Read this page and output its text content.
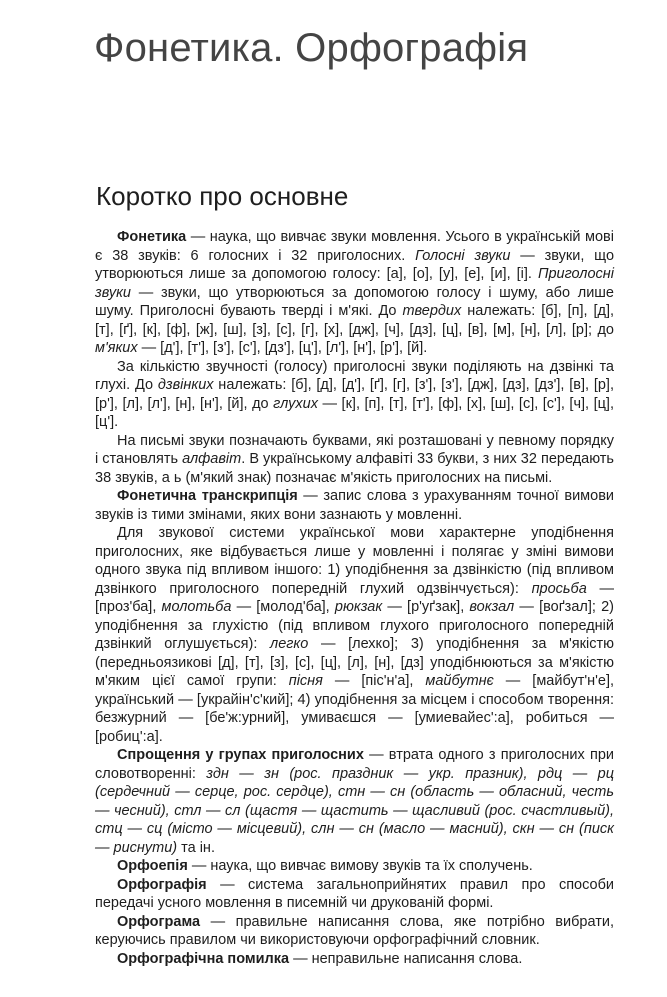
Фонетика. Орфографія
Коротко про основне

Фонетика — наука, що вивчає звуки мовлення. Усього в українській мові є 38 звуків: 6 голосних і 32 приголосних. Голосні звуки — звуки, що утворюються лише за допомогою голосу: [а], [о], [у], [е], [и], [і]. Приголосні звуки — звуки, що утворюються за допомогою голосу і шуму, або лише шуму. Приголосні бувають тверді і м'які. До твердих належать: [б], [п], [д], [т], [ґ], [к], [ф], [ж], [ш], [з], [с], [г], [х], [дж], [ч], [дз], [ц], [в], [м], [н], [л], [р]; до м'яких — [д'], [т'], [з'], [с'], [дз'], [ц'], [л'], [н'], [р'], [й].

За кількістю звучності (голосу) приголосні звуки поділяють на дзвінкі та глухі. До дзвінких належать: [б], [д], [д'], [ґ], [г], [з'], [з'], [дж], [дз], [дз'], [в], [р], [р'], [л], [л'], [н], [н'], [й], до глухих — [к], [п], [т], [т'], [ф], [х], [ш], [с], [с'], [ч], [ц], [ц'].

На письмі звуки позначають буквами, які розташовані у певному порядку і становлять алфавіт. В українському алфавіті 33 букви, з них 32 передають 38 звуків, а ь (м'який знак) позначає м'якість приголосних на письмі.

Фонетична транскрипція — запис слова з урахуванням точної вимови звуків із тими змінами, яких вони зазнають у мовленні.

Для звукової системи української мови характерне уподібнення приголосних, яке відбувається лише у мовленні і полягає у зміні вимови одного звука під впливом іншого: 1) уподібнення за дзвінкістю (під впливом дзвінкого приголосного попередній глухий одзвінчується): просьба — [проз'ба], молотьба — [молод'ба], рюкзак — [р'уґзак], вокзал — [воґзал]; 2) уподібнення за глухістю (під впливом глухого приголосного попередній дзвінкий оглушується): легко — [лехко]; 3) уподібнення за м'якістю (передньоязикові [д], [т], [з], [с], [ц], [л], [н], [дз] уподібнюються за м'якістю м'яким цієї самої групи: пісня — [піс'н'а], майбутнє — [майбут'н'е], український — [украйін'с'кий]; 4) уподібнення за місцем і способом творення: безжурний — [бе'ж:урний], умиваєшся — [умиевайес':а], робиться — [робиц':а].

Спрощення у групах приголосних — втрата одного з приголосних при словотворенні: здн — зн (рос. праздник — укр. празник), рдц — рц (сердечний — серце, рос. сердце), стн — сн (область — обласний, честь — чесний), стл — сл (щастя — щастить — щасливий (рос. счастливый), стц — сц (місто — місцевий), слн — сн (масло — масний), скн — сн (писк — риснути) та ін.

Орфоепія — наука, що вивчає вимову звуків та їх сполучень.

Орфографія — система загальноприйнятих правил про способи передачі усного мовлення в писемній чи друкованій формі.

Орфограма — правильне написання слова, яке потрібно вибрати, керуючись правилом чи використовуючи орфографічний словник.

Орфографічна помилка — неправильне написання слова.
